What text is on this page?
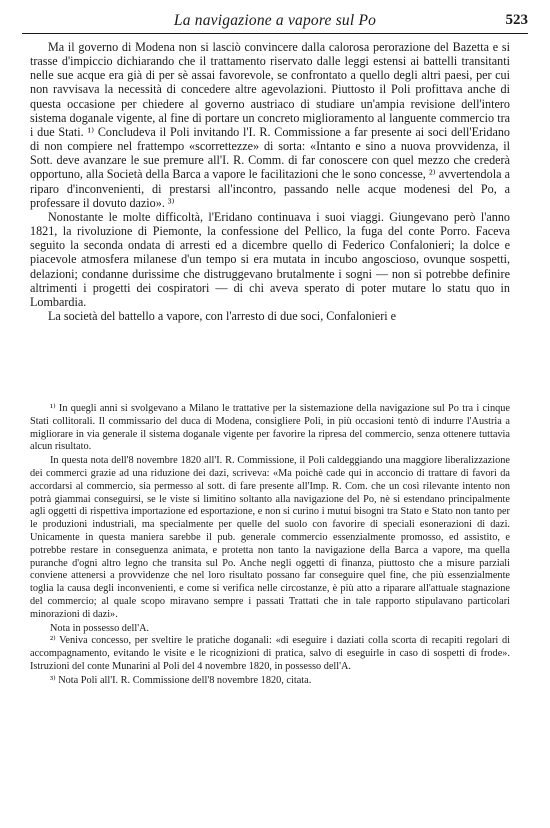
La navigazione a vapore sul Po	523

Ma il governo di Modena non si lasciò convincere dalla calorosa perorazione del Bazetta e si trasse d'impiccio dichiarando che il trattamento riservato dalle leggi estensi ai battelli transitanti nelle sue acque era già di per sè assai favorevole, se confrontato a quello degli altri paesi, per cui non ravvisava la necessità di concedere altre agevolazioni. Piuttosto il Poli profittava anche di questa occasione per chiedere al governo austriaco di studiare un'ampia revisione dell'intero sistema doganale vigente, al fine di portare un concreto miglioramento al languente commercio tra i due Stati. ¹⁾ Concludeva il Poli invitando l'I. R. Commissione a far presente ai soci dell'Eridano di non compiere nel frattempo «scorrettezze» di sorta: «Intanto e sino a nuova provvidenza, il Sott. deve avanzare le sue premure all'I. R. Comm. di far conoscere con quel mezzo che crederà opportuno, alla Società della Barca a vapore le facilitazioni che le sono concesse, ²⁾ avvertendola a riparo d'inconvenienti, di prestarsi all'incontro, passando nelle acque modenesi del Po, a professare il dovuto dazio». ³⁾

Nonostante le molte difficoltà, l'Eridano continuava i suoi viaggi. Giungevano però l'anno 1821, la rivoluzione di Piemonte, la confessione del Pellico, la fuga del conte Porro. Faceva seguito la seconda ondata di arresti ed a dicembre quello di Federico Confalonieri; la dolce e piacevole atmosfera milanese d'un tempo si era mutata in incubo angoscioso, ovunque sospetti, delazioni; condanne durissime che distruggevano brutalmente i sogni — non si potrebbe definire altrimenti i progetti dei cospiratori — di chi aveva sperato di poter mutare lo statu quo in Lombardia.

La società del battello a vapore, con l'arresto di due soci, Confalonieri e

¹⁾ In quegli anni si svolgevano a Milano le trattative per la sistemazione della navigazione sul Po tra i cinque Stati collitorali. Il commissario del duca di Modena, consigliere Poli, in più occasioni tentò di indurre l'Austria a migliorare in via generale il sistema doganale vigente per favorire la ripresa del commercio, senza ottenere tuttavia alcun risultato.

In questa nota dell'8 novembre 1820 all'I. R. Commissione, il Poli caldeggiando una maggiore liberalizzazione dei commerci grazie ad una riduzione dei dazi, scriveva: «Ma poichè cade qui in acconcio di trattare di favori da accordarsi al commercio, sia permesso al sott. di fare presente all'Imp. R. Com. che un così rilevante intento non potrà giammai conseguirsi, se le viste si limitino soltanto alla navigazione del Po, nè si estendano principalmente agli oggetti di rispettiva importazione ed esportazione, e non si curino i mutui bisogni tra Stato e Stato non tanto per le produzioni industriali, ma specialmente per quelle del suolo con favorire di speciali esonerazioni di dazi. Unicamente in questa maniera sarebbe il pub. generale commercio essenzialmente promosso, ed assistito, e potrebbe restare in conseguenza animata, e protetta non tanto la navigazione della Barca a vapore, ma quella puranche d'ogni altro legno che transita sul Po. Anche negli oggetti di finanza, piuttosto che a misure parziali conviene attenersi a provvidenze che nel loro risultato possano far conseguire quel fine, che più essenzialmente toglia la causa degli inconvenienti, e come si verifica nelle circostanze, è più atto a riparare all'attuale stagnazione del commercio; al quale scopo miravano sempre i passati Trattati che in tale rapporto stipulavano particolari minorazioni di dazi».

Nota in possesso dell'A.

²⁾ Veniva concesso, per sveltire le pratiche doganali: «di eseguire i daziati colla scorta di recapiti regolari di accompagnamento, evitando le visite e le ricognizioni di pratica, salvo di eseguirle in caso di sospetti di frode». Istruzioni del conte Munarini al Poli del 4 novembre 1820, in possesso dell'A.

³⁾ Nota Poli all'I. R. Commissione dell'8 novembre 1820, citata.
